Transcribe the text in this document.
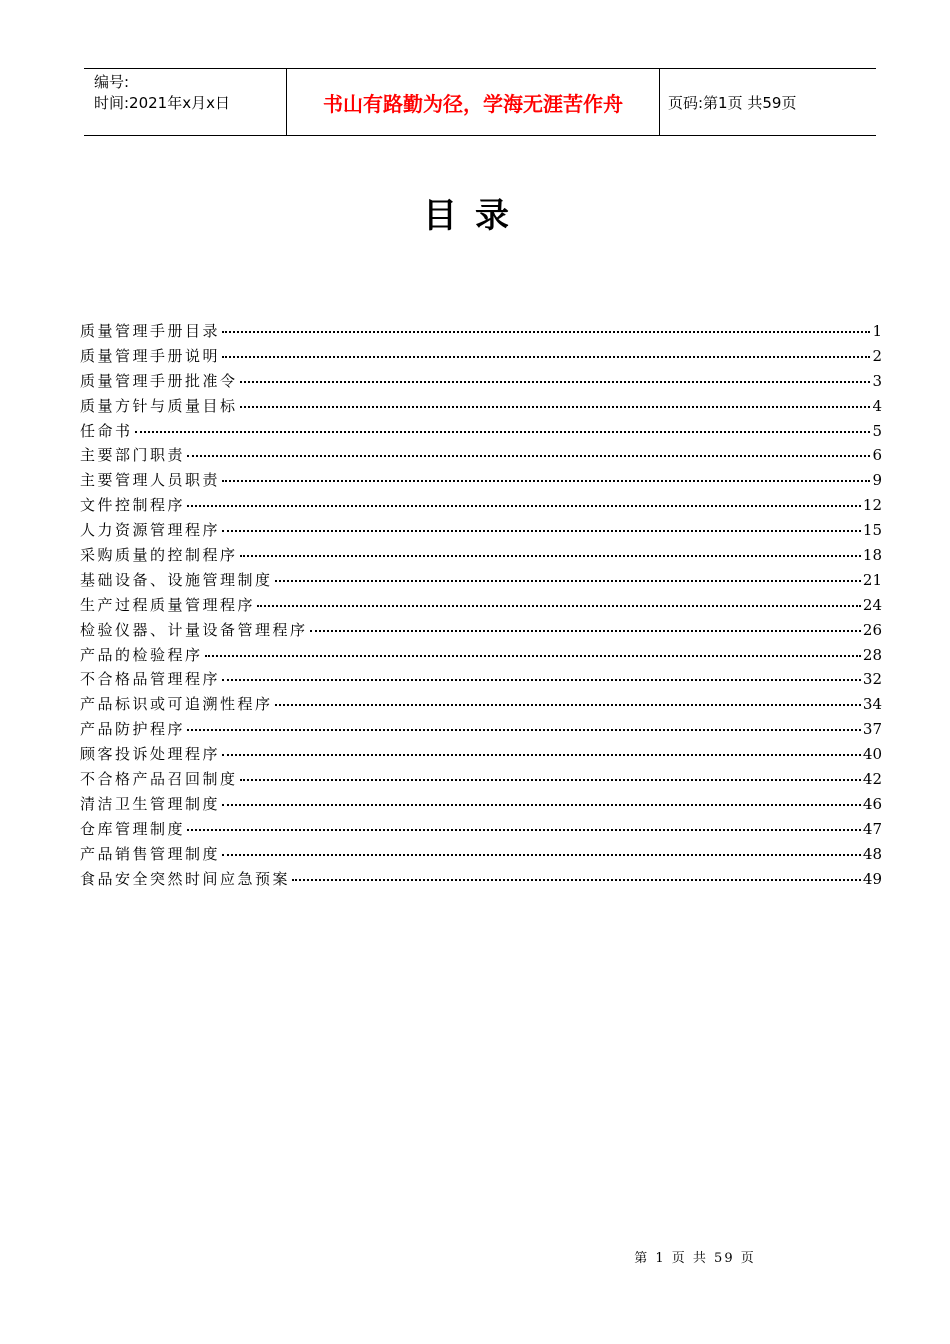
编号:
时间:2021年x月x日	书山有路勤为径，学海无涯苦作舟	页码:第1页 共59页
目录
质量管理手册目录	1
质量管理手册说明	2
质量管理手册批准令	3
质量方针与质量目标	4
任命书	5
主要部门职责	6
主要管理人员职责	9
文件控制程序	12
人力资源管理程序	15
采购质量的控制程序	18
基础设备、设施管理制度	21
生产过程质量管理程序	24
检验仪器、计量设备管理程序	26
产品的检验程序	28
不合格品管理程序	32
产品标识或可追溯性程序	34
产品防护程序	37
顾客投诉处理程序	40
不合格产品召回制度	42
清洁卫生管理制度	46
仓库管理制度	47
产品销售管理制度	48
食品安全突然时间应急预案	49
第 1 页 共 59 页
